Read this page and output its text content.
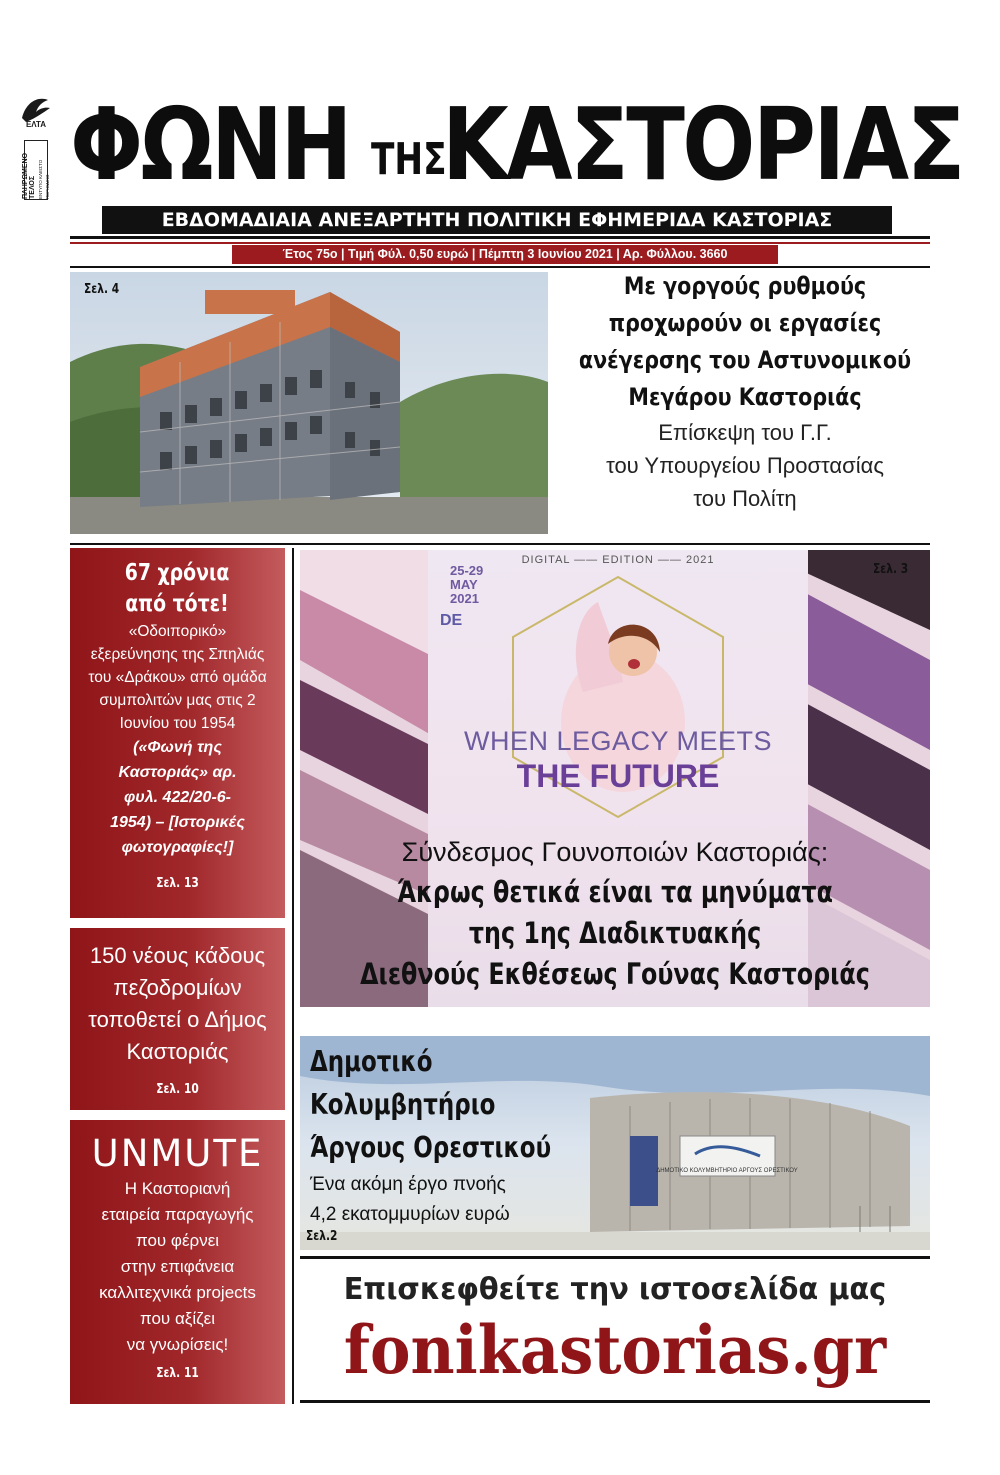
ΕΛΤΑ
ΠΛΗΡΩΜΕΝΟ ΤΕΛΟΣ ΕΝΤΥΠΟ ΚΛΕΙΣΤΟ ΠΕΡΙΟΔΙΚΟ ΦΩΝΗ ΤΗΣ
ΚΑΣΤΟΡΙΑΣ
ΕΒΔΟΜΑΔΙΑΙΑ ΑΝΕΞΑΡΤΗΤΗ ΠΟΛΙΤΙΚΗ ΕΦΗΜΕΡΙΔΑ ΚΑΣΤΟΡΙΑΣ
Έτος 75ο | Τιμή Φύλ. 0,50 ευρώ | Πέμπτη 3 Ιουνίου 2021 | Αρ. Φύλλου. 3660
Σελ. 4	Με γοργούς ρυθμούς
προχωρούν οι εργασίες
ανέγερσης του Αστυνομικού
Μεγάρου Καστοριάς
Επίσκεψη του Γ.Γ.
του Υπουργείου Προστασίας
του Πολίτη
67 χρόνια
από τότε!
«Οδοιπορικό»
εξερεύνησης της Σπηλιάς
του «Δράκου» από ομάδα
συμπολιτών μας στις 2
Ιουνίου του 1954
(«Φωνή της
Καστοριάς» αρ.
φυλ. 422/20-6-
1954) – [Ιστορικές
φωτογραφίες!]
Σελ. 13
150 νέους κάδους
πεζοδρομίων
τοποθετεί ο Δήμος
Καστοριάς
Σελ. 10
UNMUTE
Η Καστοριανή
εταιρεία παραγωγής
που φέρνει
στην επιφάνεια
καλλιτεχνικά projects
που αξίζει
να γνωρίσεις!
Σελ. 11
DIGITAL —— EDITION —— 2021
25-29
MAY
2021
DE
WHEN LEGACY MEETS
THE FUTURE
Σελ. 3
Σύνδεσμος Γουνοποιών Καστοριάς:
Άκρως θετικά είναι τα μηνύματα
της 1ης Διαδικτυακής
Διεθνούς Εκθέσεως Γούνας Καστοριάς
ΔΗΜΟΤΙΚΟ ΚΟΛΥΜΒΗΤΗΡΙΟ ΑΡΓΟΥΣ ΟΡΕΣΤΙΚΟΥ
Δημοτικό
Κολυμβητήριο
Άργους Ορεστικού
Ένα ακόμη έργο πνοής
4,2 εκατομμυρίων ευρώ
Σελ.2
Επισκεφθείτε την ιστοσελίδα μας
fonikastorias.gr
